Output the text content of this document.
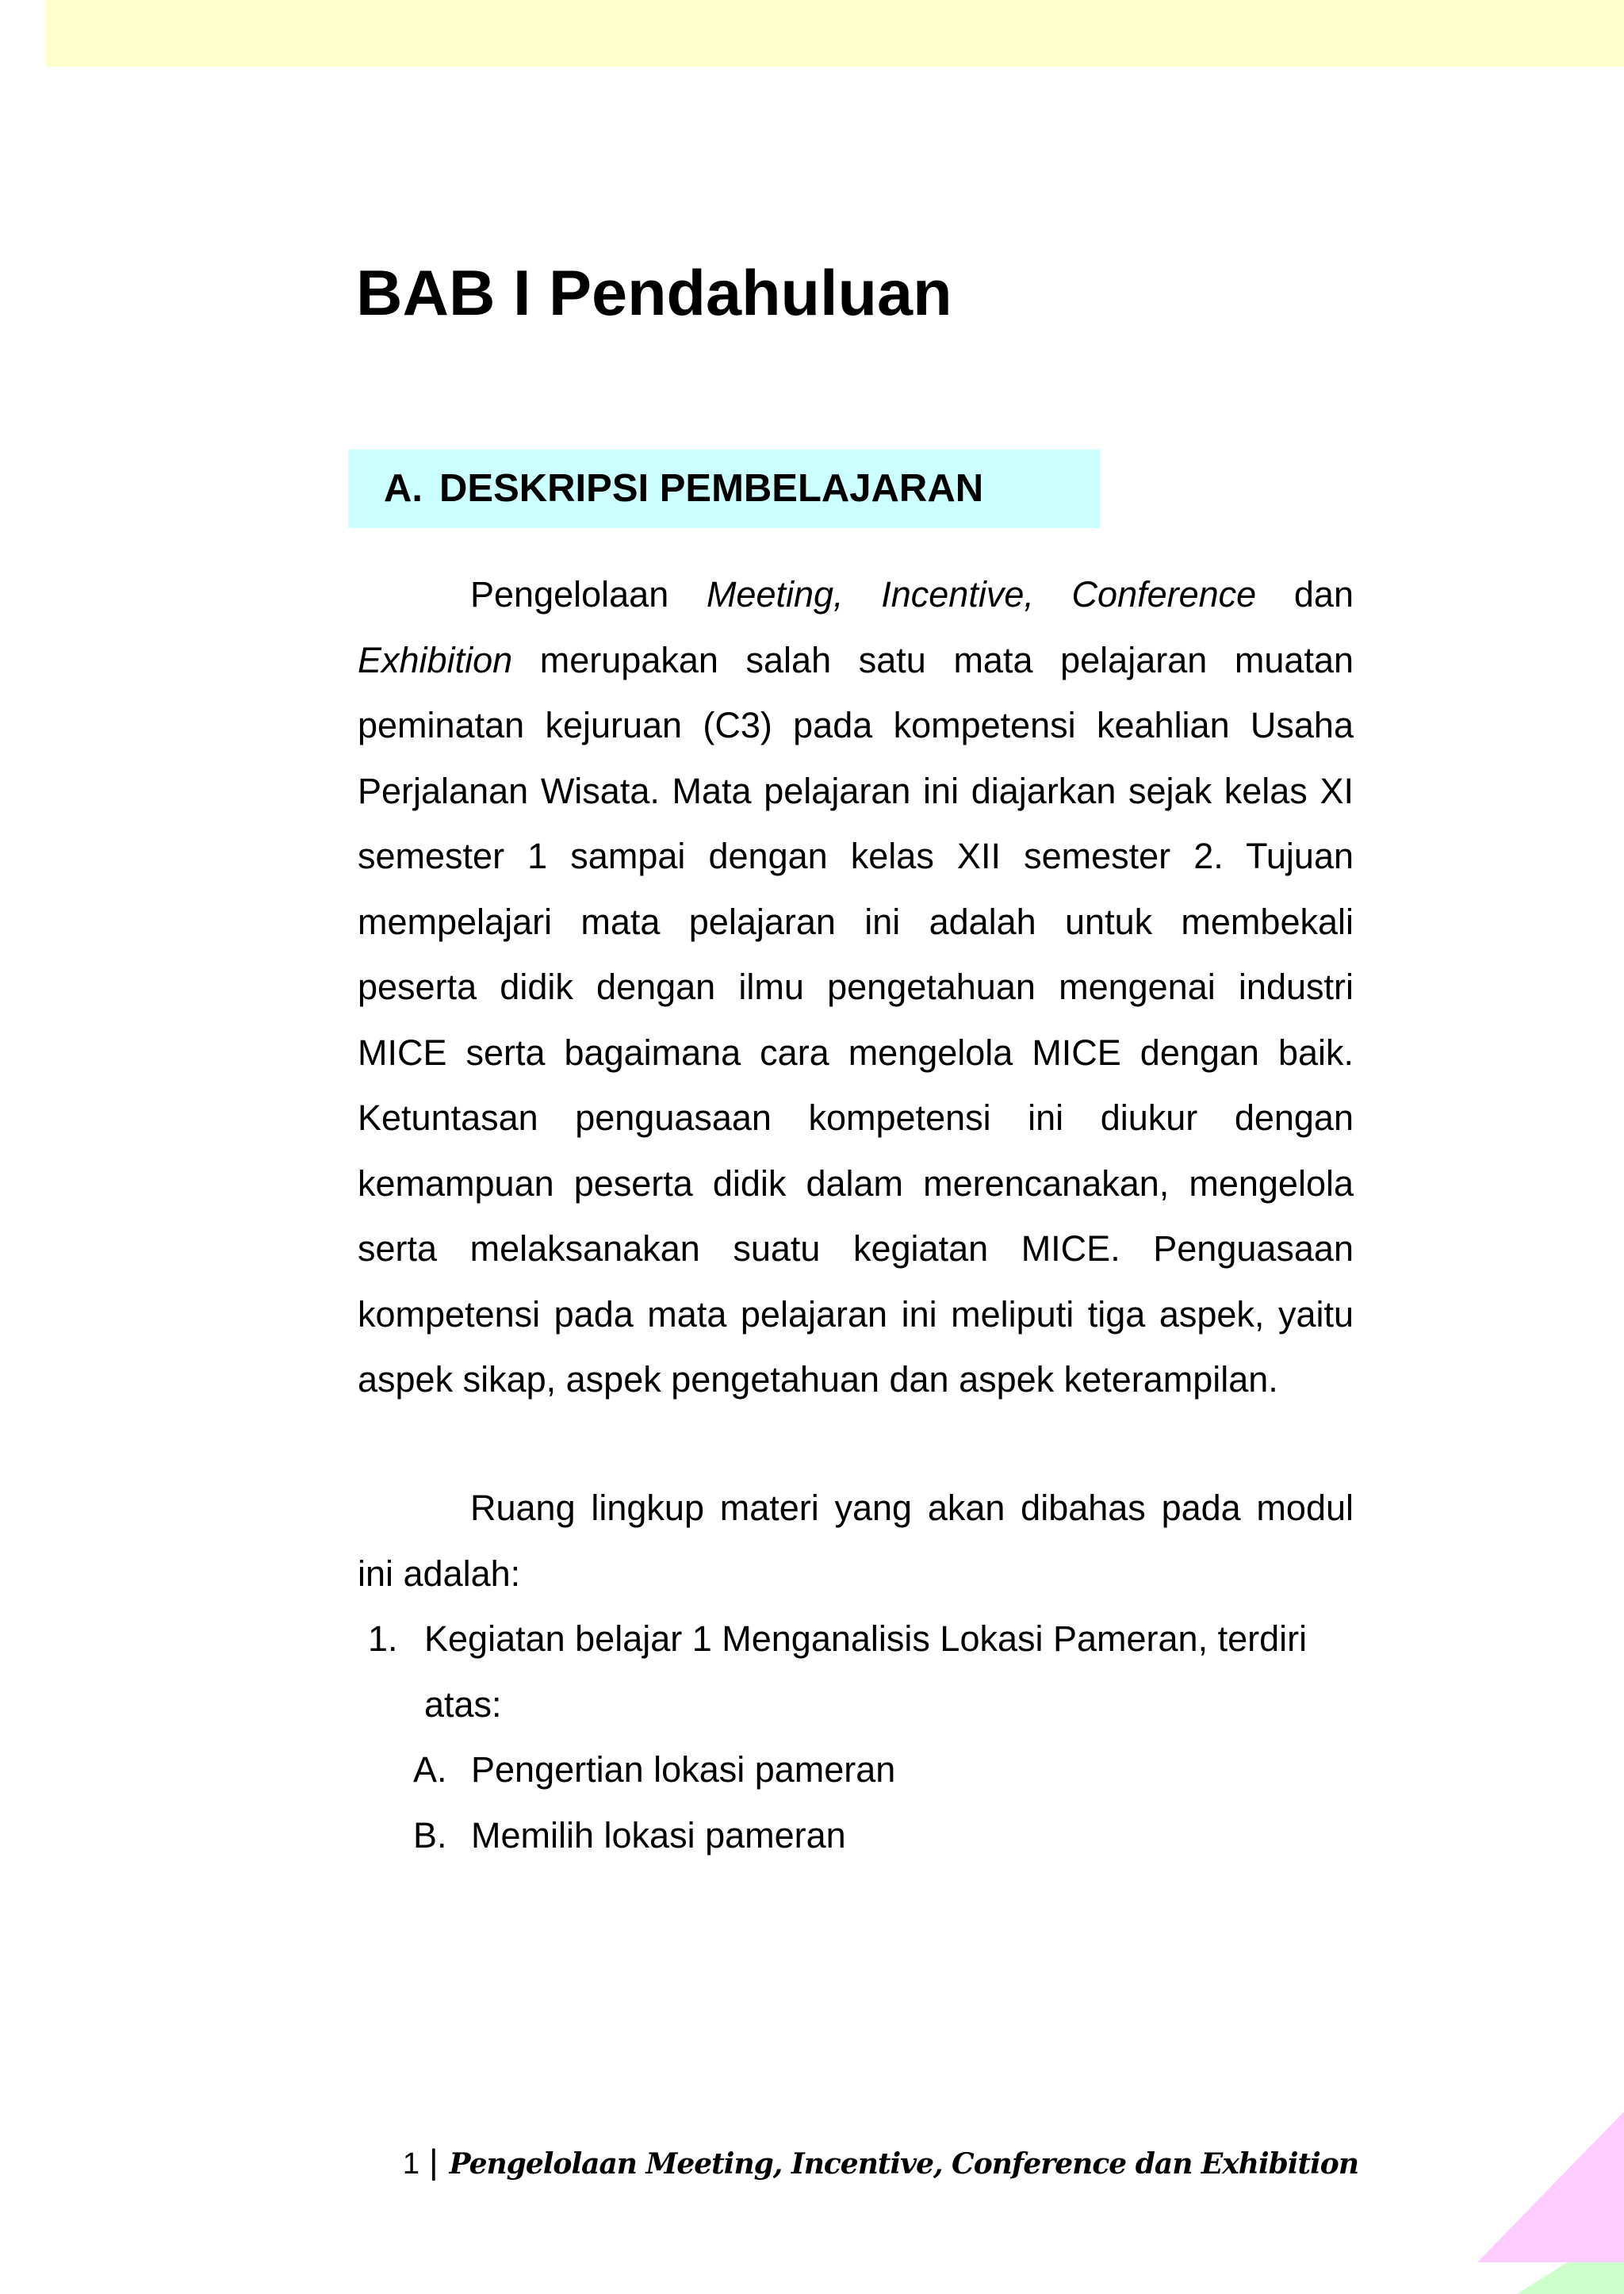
BAB I Pendahuluan
A. DESKRIPSI PEMBELAJARAN

Pengelolaan Meeting, Incentive, Conference dan Exhibition merupakan salah satu mata pelajaran muatan peminatan kejuruan (C3) pada kompetensi keahlian Usaha Perjalanan Wisata. Mata pelajaran ini diajarkan sejak kelas XI semester 1 sampai dengan kelas XII semester 2. Tujuan mempelajari mata pelajaran ini adalah untuk membekali peserta didik dengan ilmu pengetahuan mengenai industri MICE serta bagaimana cara mengelola MICE dengan baik. Ketuntasan penguasaan kompetensi ini diukur dengan kemampuan peserta didik dalam merencanakan, mengelola serta melaksanakan suatu kegiatan MICE. Penguasaan kompetensi pada mata pelajaran ini meliputi tiga aspek, yaitu aspek sikap, aspek pengetahuan dan aspek keterampilan.

Ruang lingkup materi yang akan dibahas pada modul ini adalah:

1. Kegiatan belajar 1 Menganalisis Lokasi Pameran, terdiri atas:
A. Pengertian lokasi pameran
B. Memilih lokasi pameran
1 | Pengelolaan Meeting, Incentive, Conference dan Exhibition
